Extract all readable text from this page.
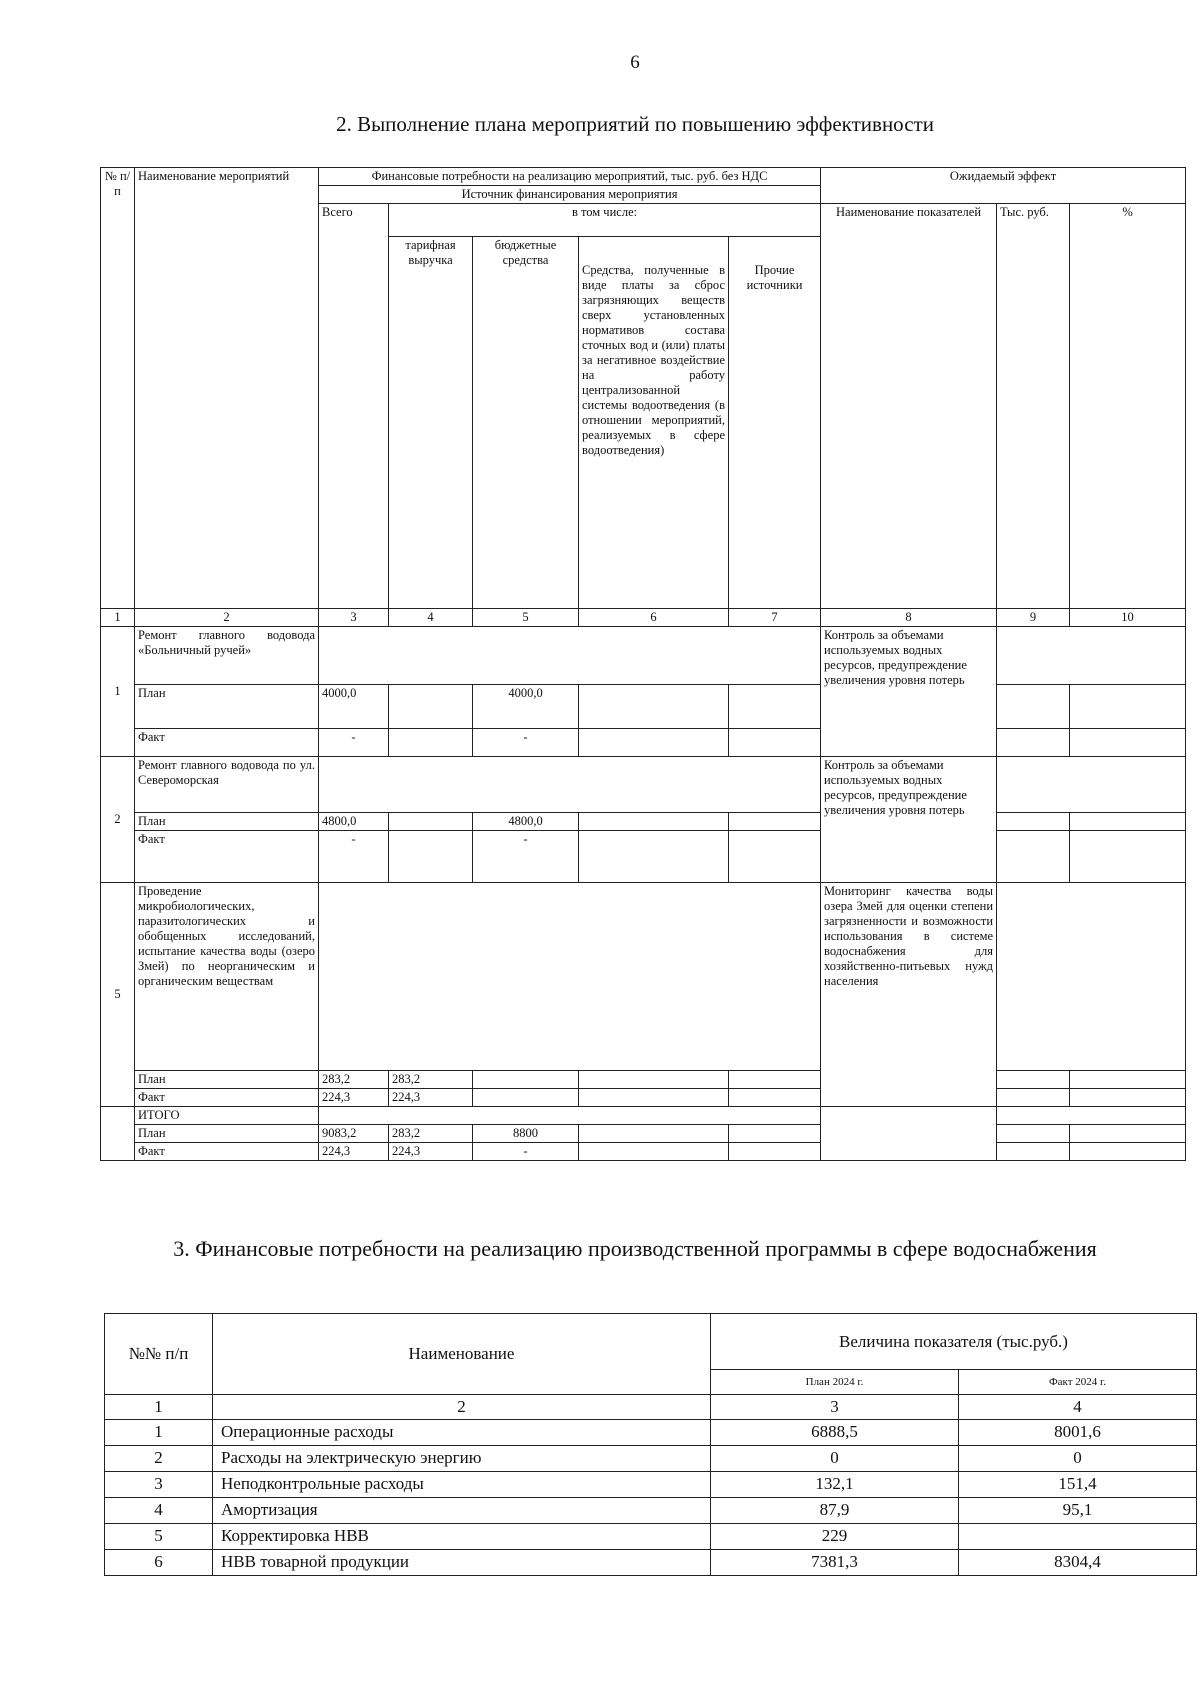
6
2. Выполнение плана мероприятий по повышению эффективности
№ п/п	Наименование мероприятий	Финансовые потребности на реализацию мероприятий, тыс. руб. без НДС					Ожидаемый эффект		
		Источник финансирования мероприятия							
		Всего	в том числе:				Наименование показателей	Тыс. руб.	%
			тарифная выручка	бюджетные средства	Средства, полученные в виде платы за сброс загрязняющих веществ сверх установленных нормативов состава сточных вод и (или) платы за негативное воздействие на работу централизованной системы водоотведения (в отношении мероприятий, реализуемых в сфере водоотведения)	Прочие источники			
1	2	3	4	5	6	7	8	9	10
1	Ремонт главного водовода «Больничный ручей»						Контроль за объемами используемых водных ресурсов, предупреждение увеличения уровня потерь		
	План	4000,0		4000,0					
	Факт	-		-					
2	Ремонт главного водовода по ул. Североморская						Контроль за объемами используемых водных ресурсов, предупреждение увеличения уровня потерь		
	План	4800,0		4800,0					
	Факт	-		-					
5	Проведение микробиологических, паразитологических и обобщенных исследований, испытание качества воды (озеро Змей) по неорганическим и органическим веществам						Мониторинг качества воды озера Змей для оценки степени загрязненности и возможности использования в системе водоснабжения для хозяйственно-питьевых нужд населения		
	План	283,2	283,2						
	Факт	224,3	224,3						
	ИТОГО								
	План	9083,2	283,2	8800					
	Факт	224,3	224,3	-					
3. Финансовые потребности на реализацию производственной программы в сфере водоснабжения
№№ п/п	Наименование	Величина показателя (тыс.руб.)	
		План 2024 г.	Факт 2024 г.
1	2	3	4
1	Операционные расходы	6888,5	8001,6
2	Расходы на электрическую энергию	0	0
3	Неподконтрольные расходы	132,1	151,4
4	Амортизация	87,9	95,1
5	Корректировка НВВ	229	
6	НВВ товарной продукции	7381,3	8304,4
